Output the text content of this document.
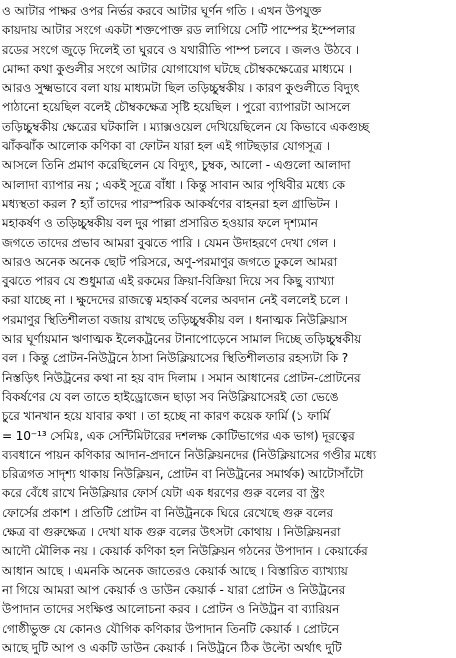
ও আটার পাক্ষর ওপর নির্ভর করবে আটার ঘূর্ণন গতি । এখন উপযুক্ত
কায়দায় আটার সংগে একটা শক্তপোক্ত রড লাগিয়ে সেটি পাম্পের ইম্পেলার
রডের সংগে জুড়ে দিলেই তা ঘুরবে ও যথারীতি পাম্প চলবে । জলও উঠবে ।
মোদ্দা কথা কুণ্ডলীর সংগে আটার যোগাযোগ ঘটছে চৌম্বকক্ষেত্রের মাধ্যমে ।
আরও সুক্ষ্মভাবে বলা যায় মাধ্যমটা ছিল তড়িচ্চুম্বকীয় । কারণ কুণ্ডলীতে বিদ্যুৎ
পাঠানো হয়েছিল বলেই চৌম্বকক্ষেত্র সৃষ্টি হয়েছিল । পুরো ব্যাপারটা আসলে
তড়িচ্চুম্বকীয় ক্ষেত্রের ঘটকালি । ম্যাক্সওয়েল দেখিয়েছিলেন যে কিভাবে একগুচ্ছ
ঝাঁকঝাঁক আলোক কণিকা বা ফোটন যারা হল এই গাটছড়ার যোগসূত্র ।
আসলে তিনি প্রমাণ করেছিলেন যে বিদ্যুৎ, চুম্বক, আলো - এগুলো আলাদা
আলাদা ব্যাপার নয় ; একই সূত্রে বাঁধা । কিন্তু সাবান আর পৃথিবীর মধ্যে কে
মধ্যস্থতা করল ? হ্যাঁ তাদের পারস্পরিক আকর্ষণের বাহনরা হল গ্রাভিটন ।
মহাকর্ষণ ও তড়িচ্চুম্বকীয় বল দুর পাল্লা প্রসারিত হওয়ার ফলে দৃশ্যমান
জগতে তাদের প্রভাব আমরা বুঝতে পারি । যেমন উদাহরণে দেখা গেল ।
আরও অনেক অনেক ছোট পরিসরে, অণু-পরমাণুর জগতে ঢুকলে আমরা
বুঝতে পারব যে শুধুমাত্র এই রকমের ক্রিয়া-বিক্রিয়া দিয়ে সব কিছু ব্যাখ্যা
করা যাচ্ছে না । ক্ষুদেদের রাজত্বে মহাকর্ষ বলের অবদান নেই বললেই চলে ।
পরমাণুর স্থিতিশীলতা বজায় রাখছে তড়িচ্চুম্বকীয় বল । ধনাত্মক নিউক্লিয়াস
আর ঘূর্ণায়মান ঋণাত্মক ইলেকট্রনের টানাপোড়েনে সামাল দিচ্ছে তড়িচ্চুম্বকীয়
বল । কিন্তু প্রোটন-নিউট্রনে ঠাসা নিউক্লিয়াসের স্থিতিশীলতার রহস্যটা কি ?
নিস্তড়িৎ নিউট্রনের কথা না হয় বাদ দিলাম । সমান আধানের প্রোটন-প্রোটনের
বিকর্ষণের যে বল তাতে হাইড্রোজেন ছাড়া সব নিউক্লিয়াসেরই তো ভেঙে
চুরে খানখান হয়ে যাবার কথা । তা হচ্ছে না কারণ কয়েক ফার্মি (১ ফার্মি
= 10⁻¹³ সেমিঃ, এক সেন্টিমিটারের দশলক্ষ কোটিভাগের এক ভাগ) দূরত্বের
ব্যবধানে পায়ন কণিকার আদান-প্রদানে নিউক্লিয়নদের (নিউক্লিয়াসের গণ্ডীর মধ্যে
চরিত্রগত সাদৃশ্য থাকায় নিউক্লিয়ন, প্রোটন বা নিউট্রনের সমার্থক) আটোসাঁটো
করে বেঁধে রাখে নিউক্লিয়ার ফোর্স যেটা এক ধরণের গুরু বলের বা স্ট্রং
ফোর্সের প্রকাশ । প্রতিটি প্রোটন বা নিউট্রনকে ঘিরে রেখেছে গুরু বলের
ক্ষেত্র বা গুরুক্ষেত্র । দেখা যাক গুরু বলের উৎসটা কোথায় । নিউক্লিয়নরা
আদৌ মৌলিক নয় । কেয়ার্ক কণিকা হল নিউক্লিয়ন গঠনের উপাদান । কেয়ার্কের
আধান আছে । এমনকি অনেক জাতেরও কেয়ার্ক আছে । বিস্তারিত ব্যাখ্যায়
না গিয়ে আমরা আপ কেয়ার্ক ও ডাউন কেয়ার্ক - যারা প্রোটন ও নিউট্রনের
উপাদান তাদের সংক্ষিপ্ত আলোচনা করব । প্রোটন ও নিউট্রন বা ব্যারিয়ন
গোষ্ঠীভুক্ত যে কোনও যৌগিক কণিকার উপাদান তিনটি কেয়ার্ক । প্রোটনে
আছে দুটি আপ ও একটি ডাউন কেয়ার্ক । নিউট্রনে ঠিক উল্টো অর্থাৎ দুটি
